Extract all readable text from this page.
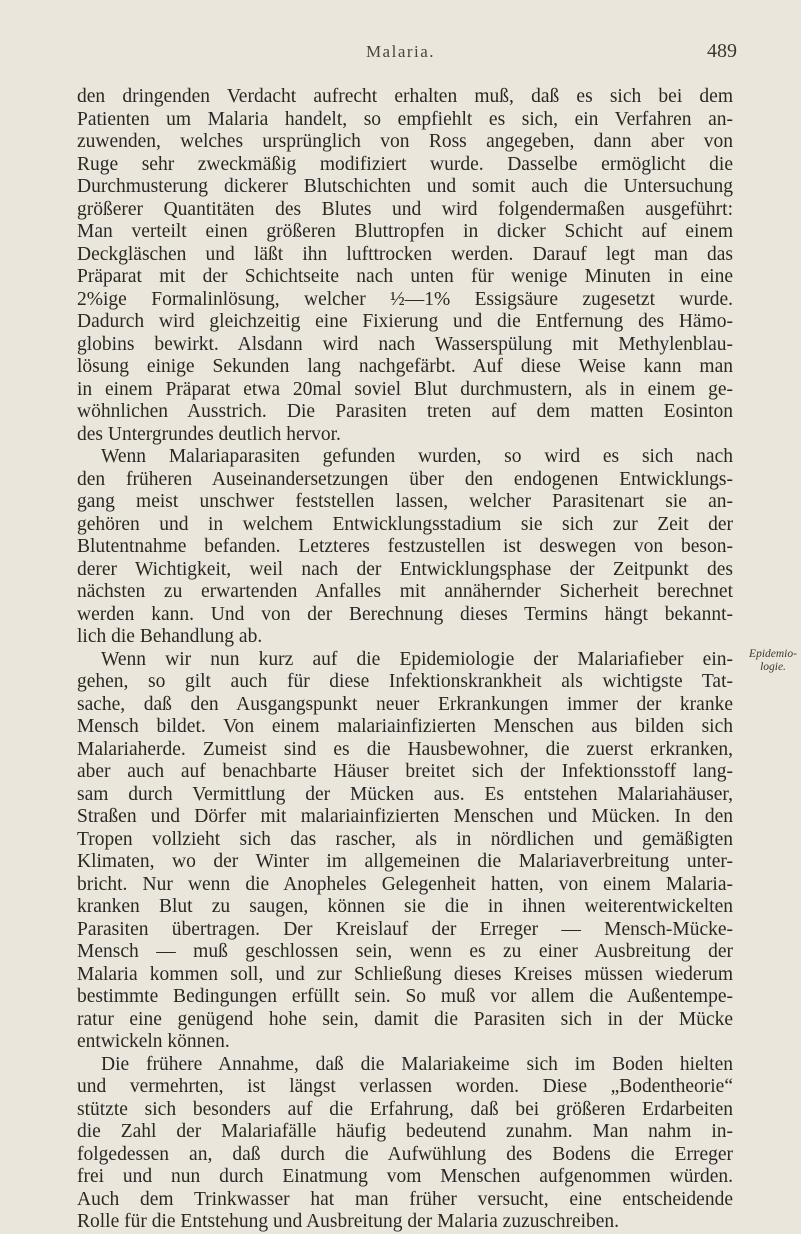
Malaria.	489
den dringenden Verdacht aufrecht erhalten muß, daß es sich bei dem
Patienten um Malaria handelt, so empfiehlt es sich, ein Verfahren an-
zuwenden, welches ursprünglich von Ross angegeben, dann aber von
Ruge sehr zweckmäßig modifiziert wurde. Dasselbe ermöglicht die
Durchmusterung dickerer Blutschichten und somit auch die Untersuchung
größerer Quantitäten des Blutes und wird folgendermaßen ausgeführt:
Man verteilt einen größeren Bluttropfen in dicker Schicht auf einem
Deckgläschen und läßt ihn lufttrocken werden. Darauf legt man das
Präparat mit der Schichtseite nach unten für wenige Minuten in eine
2%ige Formalinlösung, welcher ½—1% Essigsäure zugesetzt wurde.
Dadurch wird gleichzeitig eine Fixierung und die Entfernung des Hämo-
globins bewirkt. Alsdann wird nach Wasserspülung mit Methylenblau-
lösung einige Sekunden lang nachgefärbt. Auf diese Weise kann man
in einem Präparat etwa 20mal soviel Blut durchmustern, als in einem ge-
wöhnlichen Ausstrich. Die Parasiten treten auf dem matten Eosinton
des Untergrundes deutlich hervor.
Wenn Malariaparasiten gefunden wurden, so wird es sich nach
den früheren Auseinandersetzungen über den endogenen Entwicklungs-
gang meist unschwer feststellen lassen, welcher Parasitenart sie an-
gehören und in welchem Entwicklungsstadium sie sich zur Zeit der
Blutentnahme befanden. Letzteres festzustellen ist deswegen von beson-
derer Wichtigkeit, weil nach der Entwicklungsphase der Zeitpunkt des
nächsten zu erwartenden Anfalles mit annähernder Sicherheit berechnet
werden kann. Und von der Berechnung dieses Termins hängt bekannt-
lich die Behandlung ab.
Wenn wir nun kurz auf die Epidemiologie der Malariafieber ein-
gehen, so gilt auch für diese Infektionskrankheit als wichtigste Tat-
sache, daß den Ausgangspunkt neuer Erkrankungen immer der kranke
Mensch bildet. Von einem malariainfizierten Menschen aus bilden sich
Malariaherde. Zumeist sind es die Hausbewohner, die zuerst erkranken,
aber auch auf benachbarte Häuser breitet sich der Infektionsstoff lang-
sam durch Vermittlung der Mücken aus. Es entstehen Malariahäuser,
Straßen und Dörfer mit malariainfizierten Menschen und Mücken. In den
Tropen vollzieht sich das rascher, als in nördlichen und gemäßigten
Klimaten, wo der Winter im allgemeinen die Malariaverbreitung unter-
bricht. Nur wenn die Anopheles Gelegenheit hatten, von einem Malaria-
kranken Blut zu saugen, können sie die in ihnen weiterentwickelten
Parasiten übertragen. Der Kreislauf der Erreger — Mensch-Mücke-
Mensch — muß geschlossen sein, wenn es zu einer Ausbreitung der
Malaria kommen soll, und zur Schließung dieses Kreises müssen wiederum
bestimmte Bedingungen erfüllt sein. So muß vor allem die Außentempe-
ratur eine genügend hohe sein, damit die Parasiten sich in der Mücke
entwickeln können.
Die frühere Annahme, daß die Malariakeime sich im Boden hielten
und vermehrten, ist längst verlassen worden. Diese „Bodentheorie“
stützte sich besonders auf die Erfahrung, daß bei größeren Erdarbeiten
die Zahl der Malariafälle häufig bedeutend zunahm. Man nahm in-
folgedessen an, daß durch die Aufwühlung des Bodens die Erreger
frei und nun durch Einatmung vom Menschen aufgenommen würden.
Auch dem Trinkwasser hat man früher versucht, eine entscheidende
Rolle für die Entstehung und Ausbreitung der Malaria zuzuschreiben.
Epidemio-
logie.
